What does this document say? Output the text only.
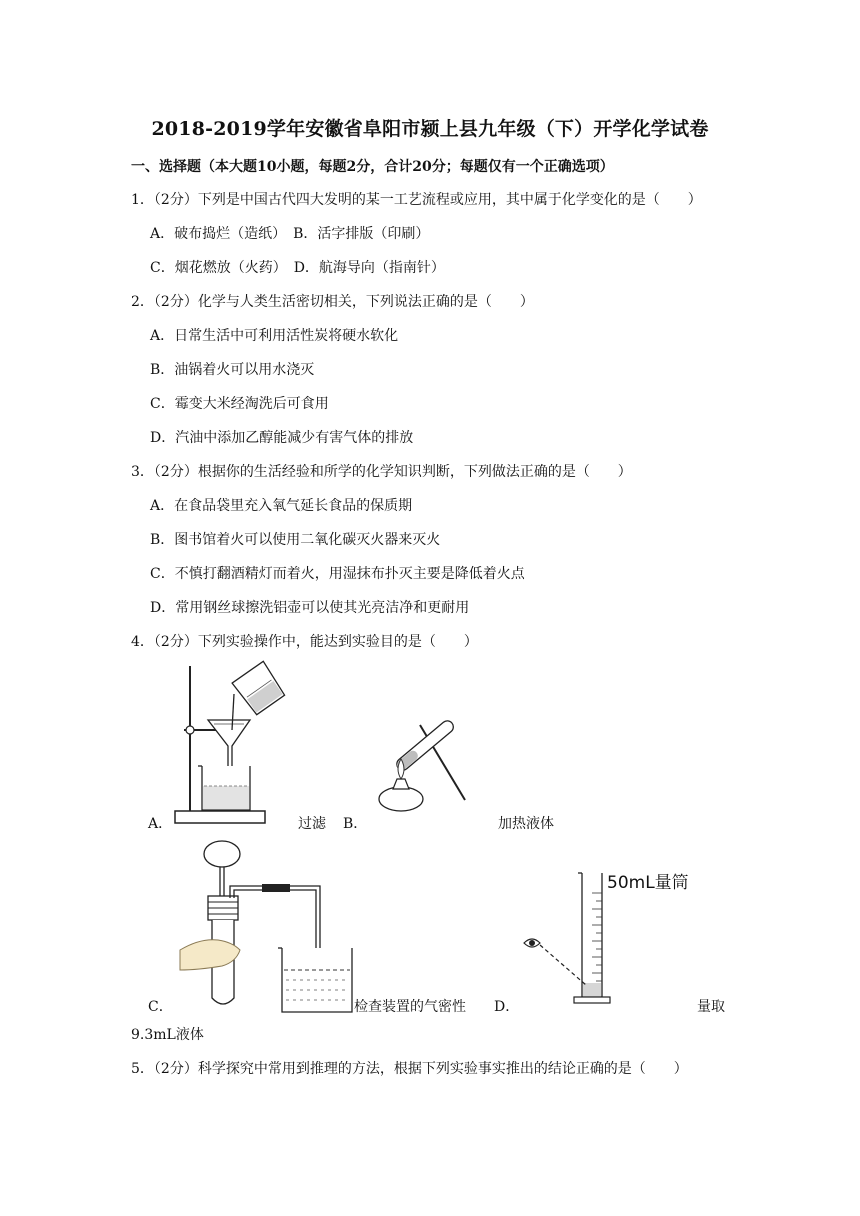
2018-2019学年安徽省阜阳市颍上县九年级（下）开学化学试卷
一、选择题（本大题10小题，每题2分，合计20分；每题仅有一个正确选项）
1．（2分）下列是中国古代四大发明的某一工艺流程或应用，其中属于化学变化的是（　　）
A．破布捣烂（造纸）　B．活字排版（印刷）
C．烟花燃放（火药）　D．航海导向（指南针）
2．（2分）化学与人类生活密切相关，下列说法正确的是（　　）
A．日常生活中可利用活性炭将硬水软化
B．油锅着火可以用水浇灭
C．霉变大米经淘洗后可食用
D．汽油中添加乙醇能减少有害气体的排放
3．（2分）根据你的生活经验和所学的化学知识判断，下列做法正确的是（　　）
A．在食品袋里充入氧气延长食品的保质期
B．图书馆着火可以使用二氧化碳灭火器来灭火
C．不慎打翻酒精灯而着火，用湿抹布扑灭主要是降低着火点
D．常用钢丝球擦洗铝壶可以使其光亮洁净和更耐用
4．（2分）下列实验操作中，能达到实验目的是（　　）
A．	过滤 B．	加热液体
C．	检查装置的气密性
50mL量筒
D．	量取
9.3mL液体
5．（2分）科学探究中常用到推理的方法，根据下列实验事实推出的结论正确的是（　　）
